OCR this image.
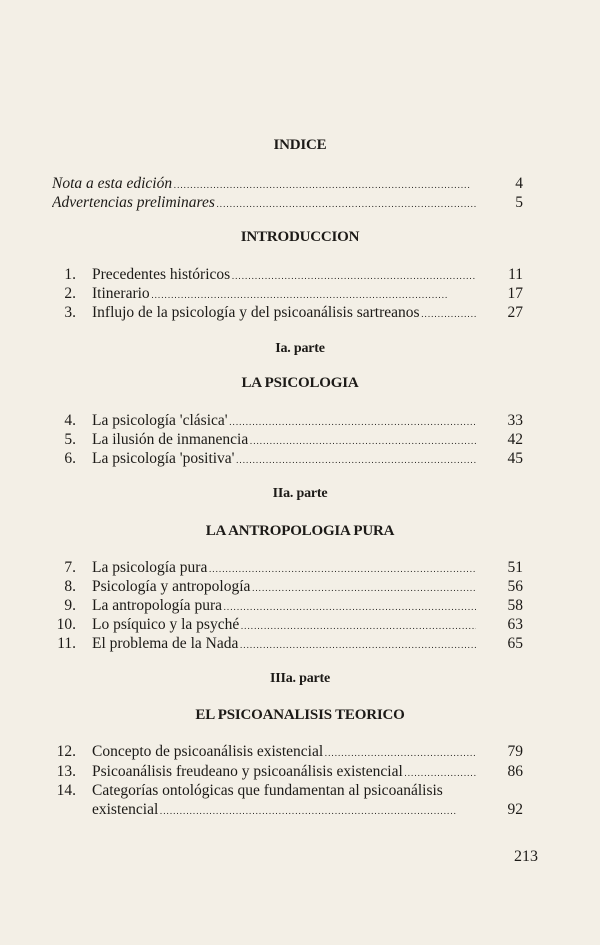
INDICE
Nota a esta edición . . .	4
Advertencias preliminares . . .	5
INTRODUCCION
1. Precedentes históricos . . .	11
2. Itinerario . . .	17
3. Influjo de la psicología y del psicoanálisis sartreanos . . .	27
Ia. parte
LA PSICOLOGIA
4. La psicología 'clásica' . . .	33
5. La ilusión de inmanencia . . .	42
6. La psicología 'positiva' . . .	45
IIa. parte
LA ANTROPOLOGIA PURA
7. La psicología pura . . .	51
8. Psicología y antropología . . .	56
9. La antropología pura . . .	58
10. Lo psíquico y la psyché . . .	63
11. El problema de la Nada . . .	65
IIIa. parte
EL PSICOANALISIS TEORICO
12. Concepto de psicoanálisis existencial . . .	79
13. Psicoanálisis freudeano y psicoanálisis existencial . . .	86
14. Categorías ontológicas que fundamentan al psicoanálisis
existencial . . .	92
213
